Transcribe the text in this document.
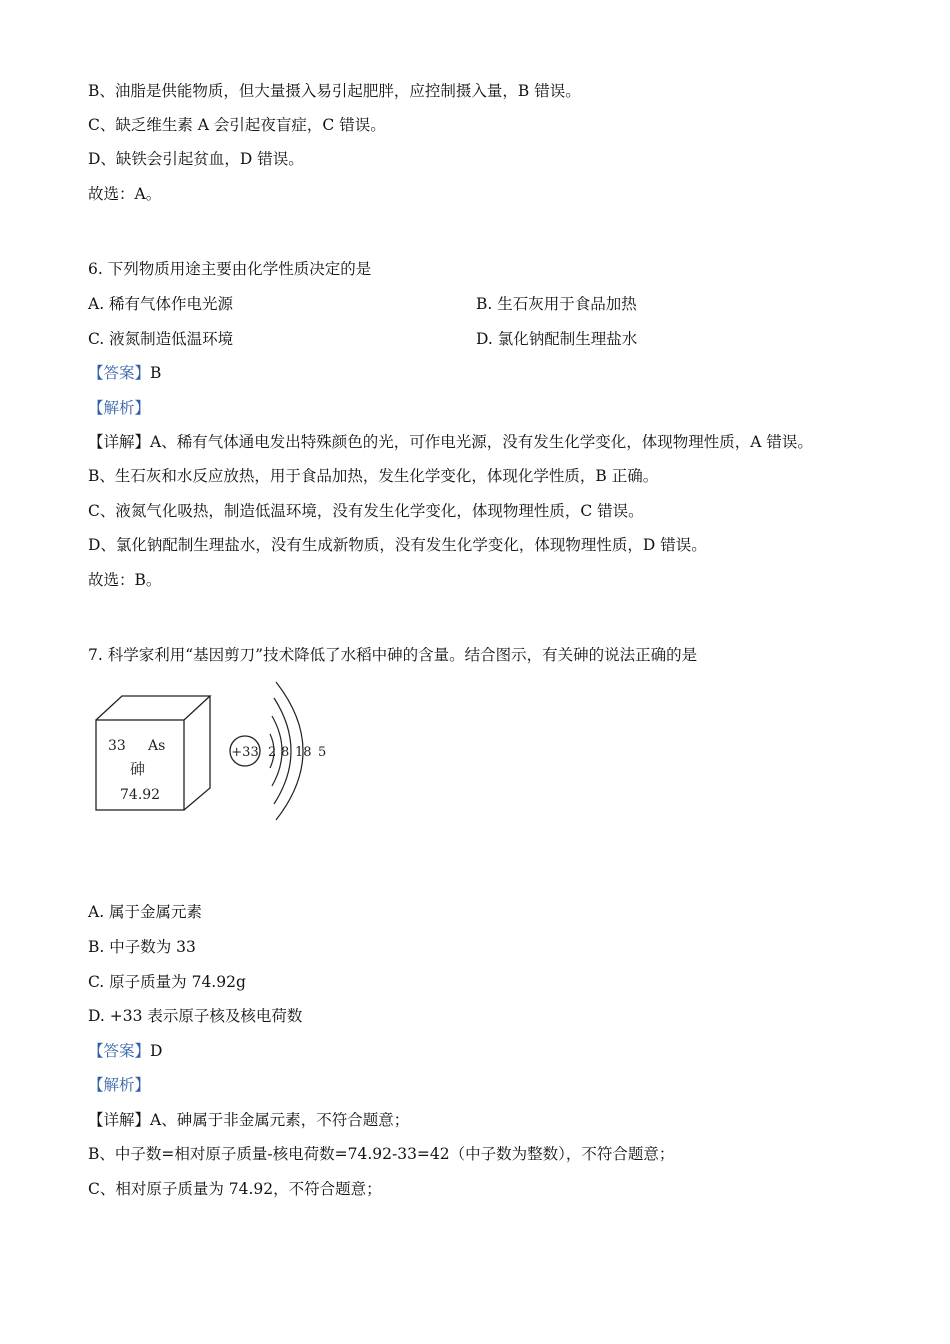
B、油脂是供能物质，但大量摄入易引起肥胖，应控制摄入量，B 错误。
C、缺乏维生素 A 会引起夜盲症，C 错误。
D、缺铁会引起贫血，D 错误。
故选：A。
6. 下列物质用途主要由化学性质决定的是
A. 稀有气体作电光源	B. 生石灰用于食品加热
C. 液氮制造低温环境	D. 氯化钠配制生理盐水
【答案】B
【解析】
【详解】A、稀有气体通电发出特殊颜色的光，可作电光源，没有发生化学变化，体现物理性质，A 错误。
B、生石灰和水反应放热，用于食品加热，发生化学变化，体现化学性质，B 正确。
C、液氮气化吸热，制造低温环境，没有发生化学变化，体现物理性质，C 错误。
D、氯化钠配制生理盐水，没有生成新物质，没有发生化学变化，体现物理性质，D 错误。
故选：B。
7. 科学家利用“基因剪刀”技术降低了水稻中砷的含量。结合图示，有关砷的说法正确的是
33 As
砷
74.92
+33 2 8 18 5
A. 属于金属元素
B. 中子数为 33
C. 原子质量为 74.92g
D. +33 表示原子核及核电荷数
【答案】D
【解析】
【详解】A、砷属于非金属元素，不符合题意；
B、中子数=相对原子质量-核电荷数=74.92-33=42（中子数为整数），不符合题意；
C、相对原子质量为 74.92，不符合题意；
